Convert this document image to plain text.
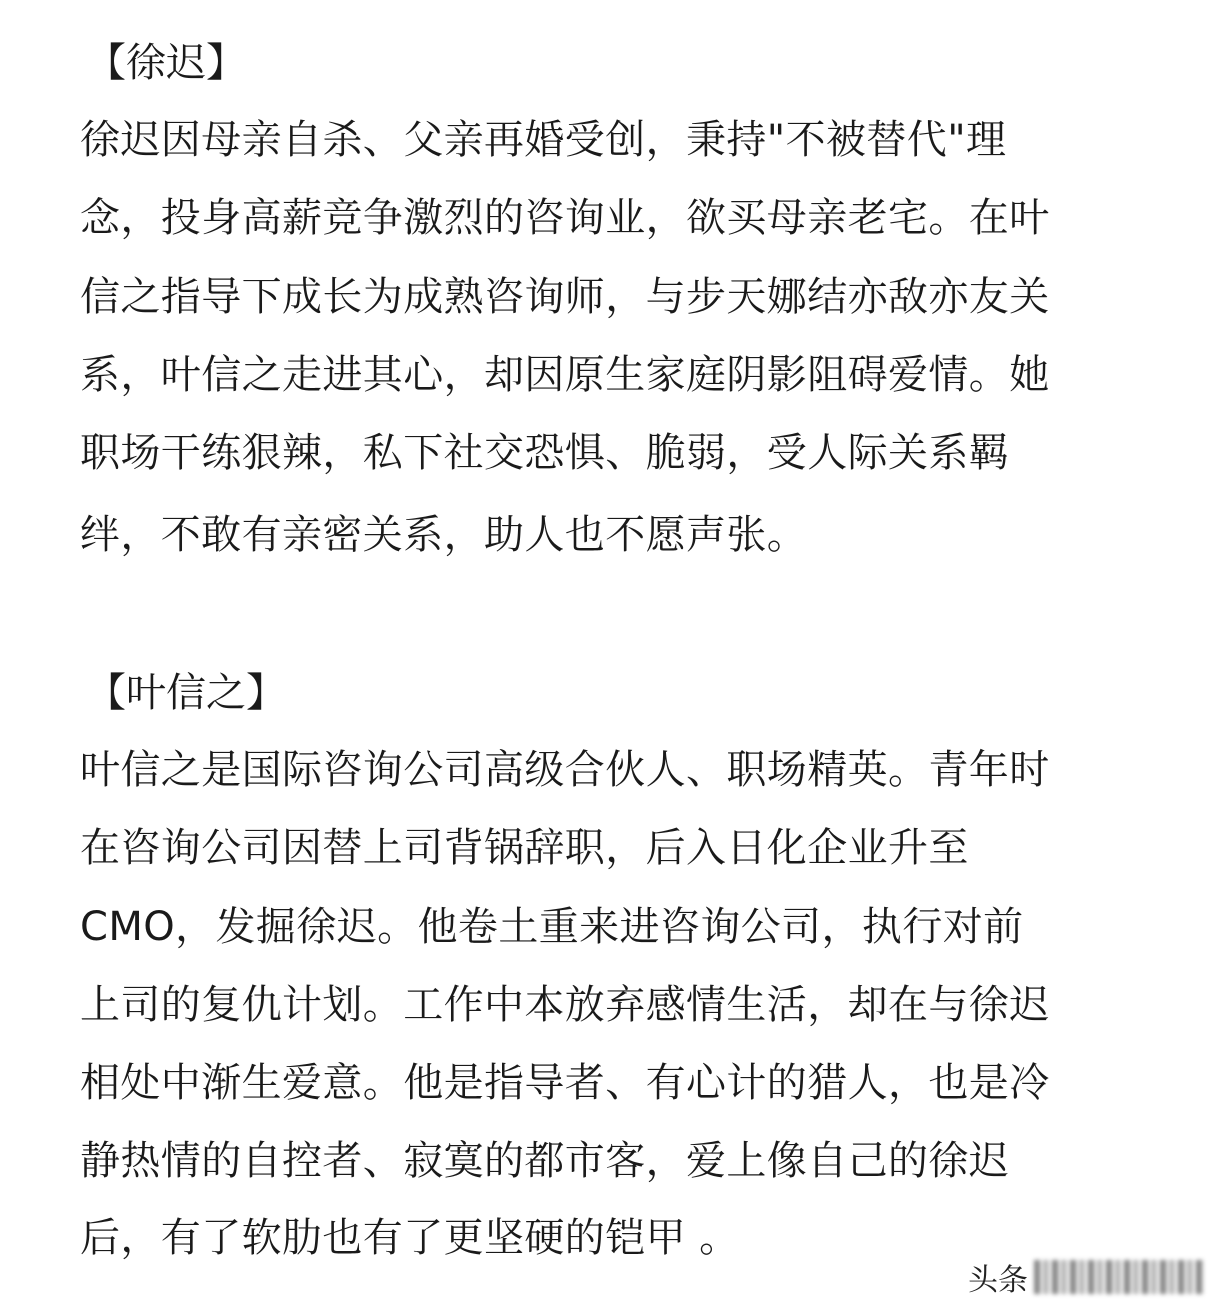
【徐迟】
徐迟因母亲自杀、父亲再婚受创，秉持"不被替代"理
念，投身高薪竞争激烈的咨询业，欲买母亲老宅。在叶
信之指导下成长为成熟咨询师，与步天娜结亦敌亦友关
系，叶信之走进其心，却因原生家庭阴影阻碍爱情。她
职场干练狠辣，私下社交恐惧、脆弱，受人际关系羁
绊，不敢有亲密关系，助人也不愿声张。
【叶信之】
叶信之是国际咨询公司高级合伙人、职场精英。青年时
在咨询公司因替上司背锅辞职，后入日化企业升至
CMO，发掘徐迟。他卷土重来进咨询公司，执行对前
上司的复仇计划。工作中本放弃感情生活，却在与徐迟
相处中渐生爱意。他是指导者、有心计的猎人，也是冷
静热情的自控者、寂寞的都市客，爱上像自己的徐迟
后，有了软肋也有了更坚硬的铠甲 。
头条
